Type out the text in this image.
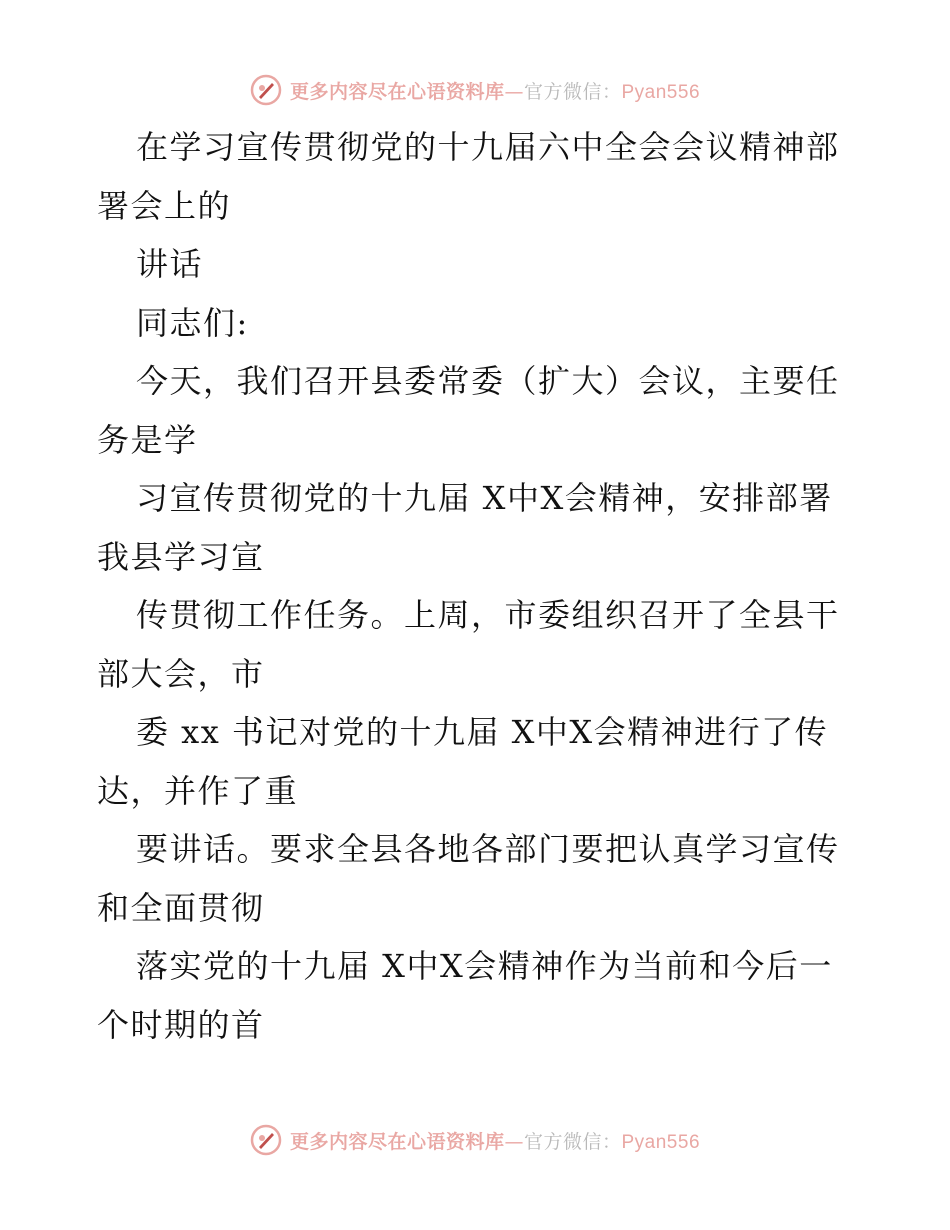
更多内容尽在心语资料库—官方微信：Pyan556
在学习宣传贯彻党的十九届六中全会会议精神部
署会上的
讲话
同志们:
今天，我们召开县委常委（扩大）会议，主要任
务是学
习宣传贯彻党的十九届 X中X会精神，安排部署
我县学习宣
传贯彻工作任务。上周，市委组织召开了全县干
部大会，市
委 xx 书记对党的十九届 X中X会精神进行了传
达，并作了重
要讲话。要求全县各地各部门要把认真学习宣传
和全面贯彻
落实党的十九届 X中X会精神作为当前和今后一
个时期的首
更多内容尽在心语资料库—官方微信：Pyan556
